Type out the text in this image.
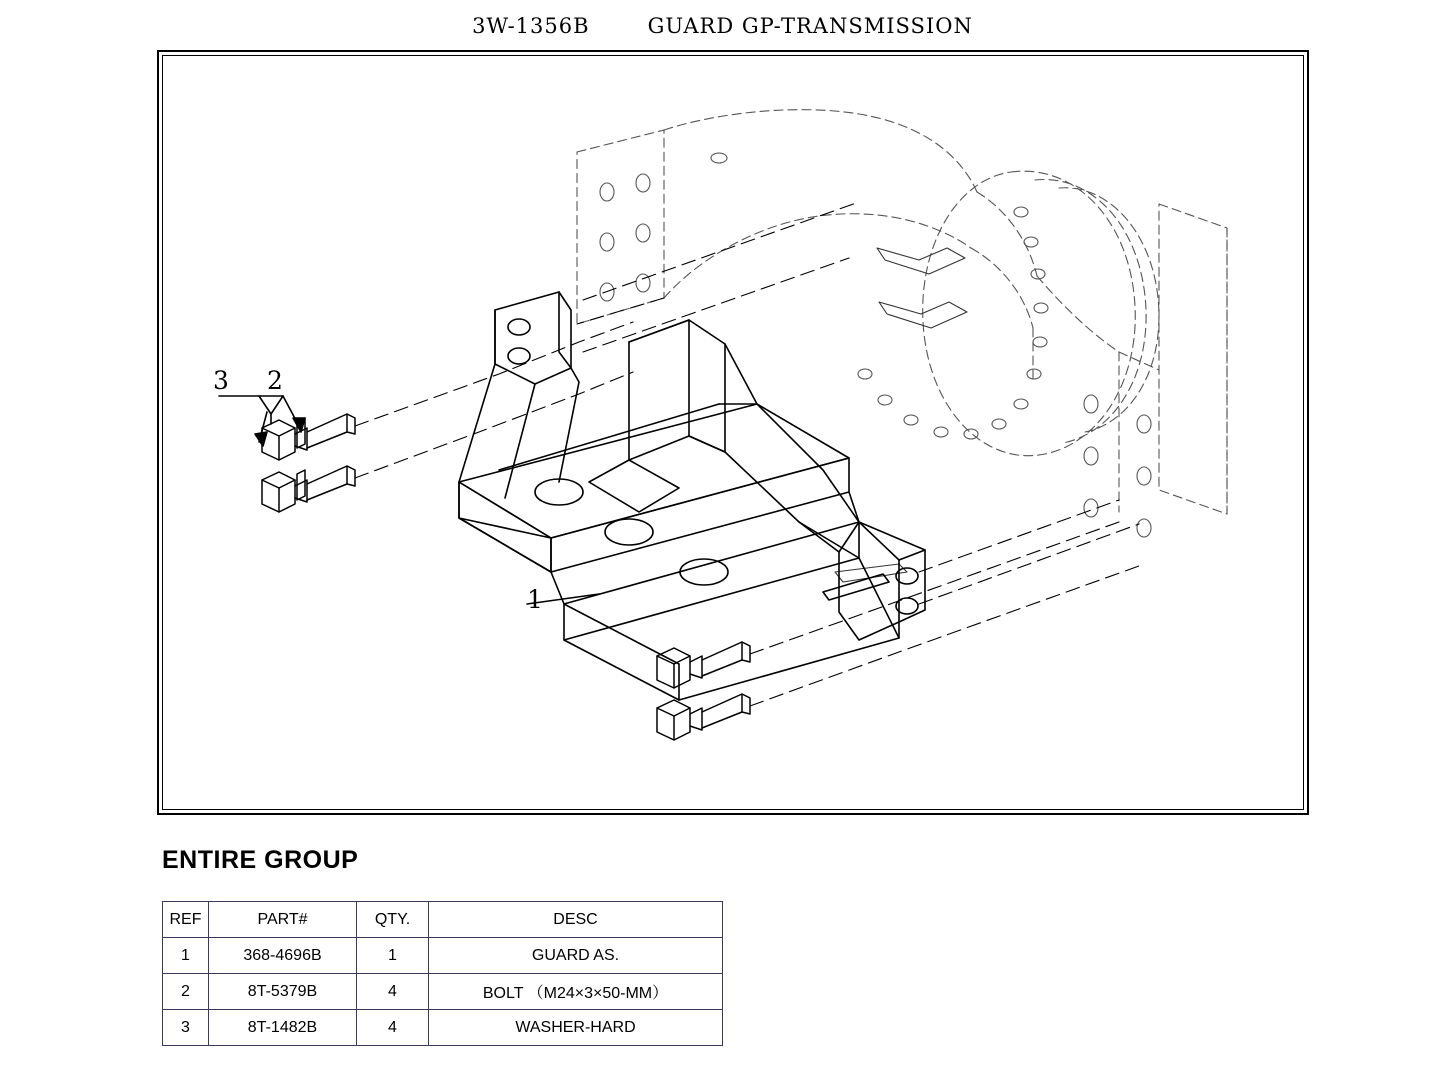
3W-1356B	GUARD GP-TRANSMISSION
3 2
1
ENTIRE GROUP
REF	PART#	QTY.	DESC
1	368-4696B	1	GUARD AS.
2	8T-5379B	4	BOLT （M24×3×50-MM）
3	8T-1482B	4	WASHER-HARD
